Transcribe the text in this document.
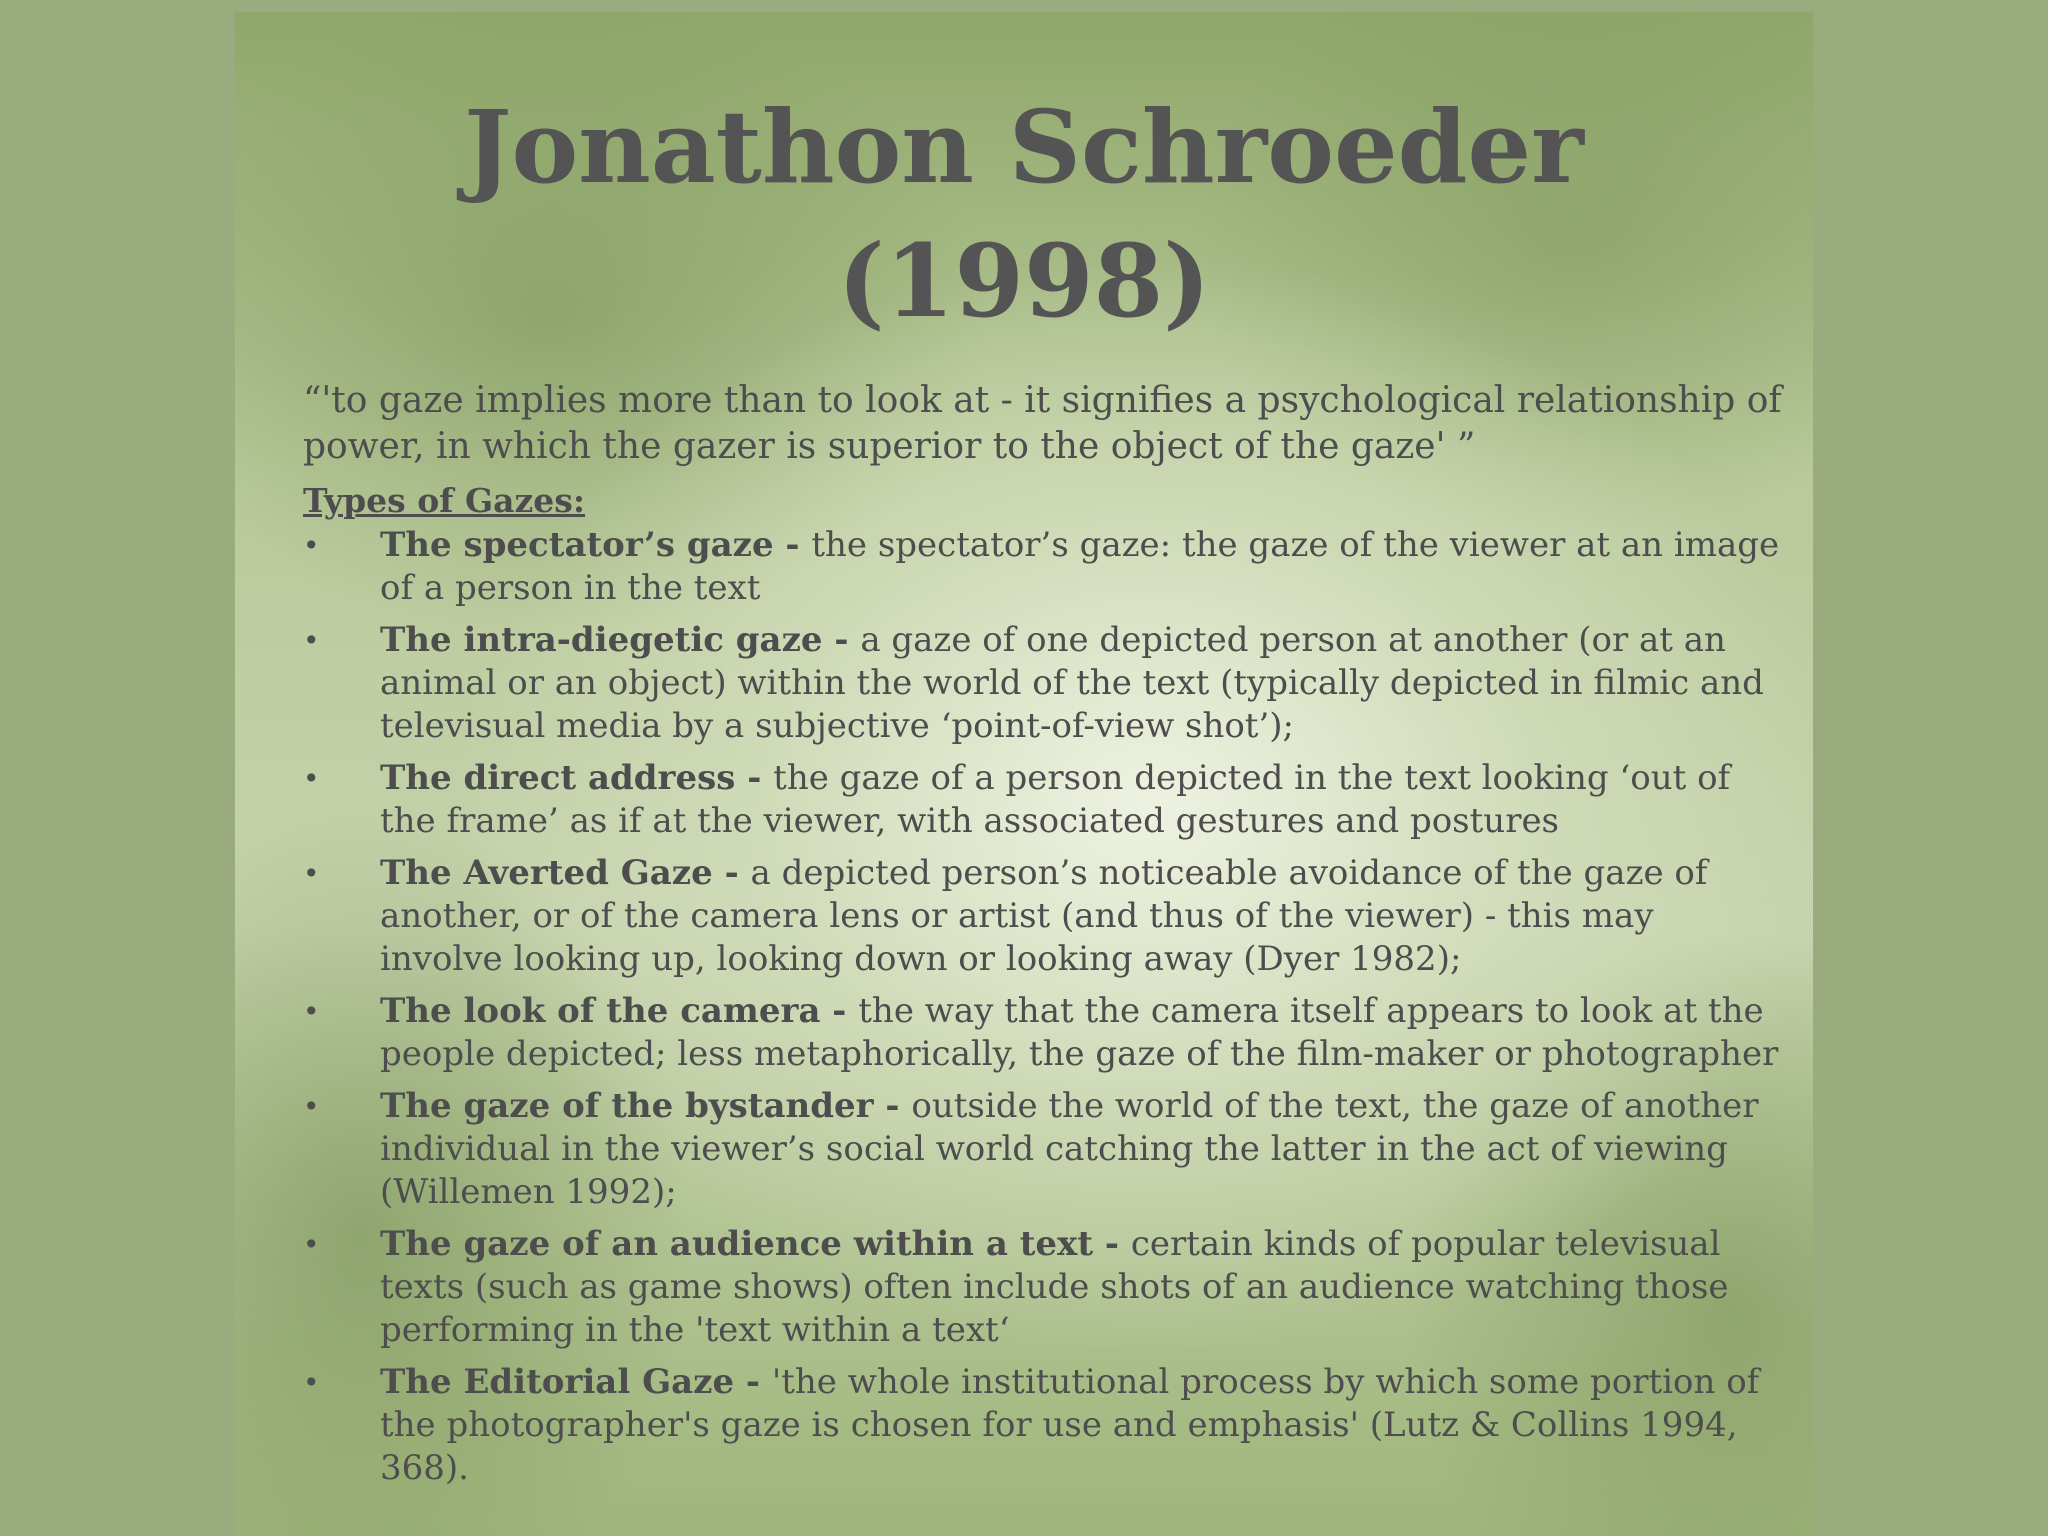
Jonathon Schroeder
(1998)

“'to gaze implies more than to look at - it signifies a psychological relationship of power, in which the gazer is superior to the object of the gaze' ”

Types of Gazes:

• The spectator’s gaze - the spectator’s gaze: the gaze of the viewer at an image of a person in the text
• The intra-diegetic gaze - a gaze of one depicted person at another (or at an animal or an object) within the world of the text (typically depicted in filmic and televisual media by a subjective ‘point-of-view shot’);
• The direct address - the gaze of a person depicted in the text looking ‘out of the frame’ as if at the viewer, with associated gestures and postures
• The Averted Gaze - a depicted person’s noticeable avoidance of the gaze of another, or of the camera lens or artist (and thus of the viewer) - this may involve looking up, looking down or looking away (Dyer 1982);
• The look of the camera - the way that the camera itself appears to look at the people depicted; less metaphorically, the gaze of the film-maker or photographer
• The gaze of the bystander - outside the world of the text, the gaze of another individual in the viewer’s social world catching the latter in the act of viewing (Willemen 1992);
• The gaze of an audience within a text - certain kinds of popular televisual texts (such as game shows) often include shots of an audience watching those performing in the 'text within a text‘
• The Editorial Gaze - 'the whole institutional process by which some portion of the photographer's gaze is chosen for use and emphasis' (Lutz & Collins 1994, 368).
